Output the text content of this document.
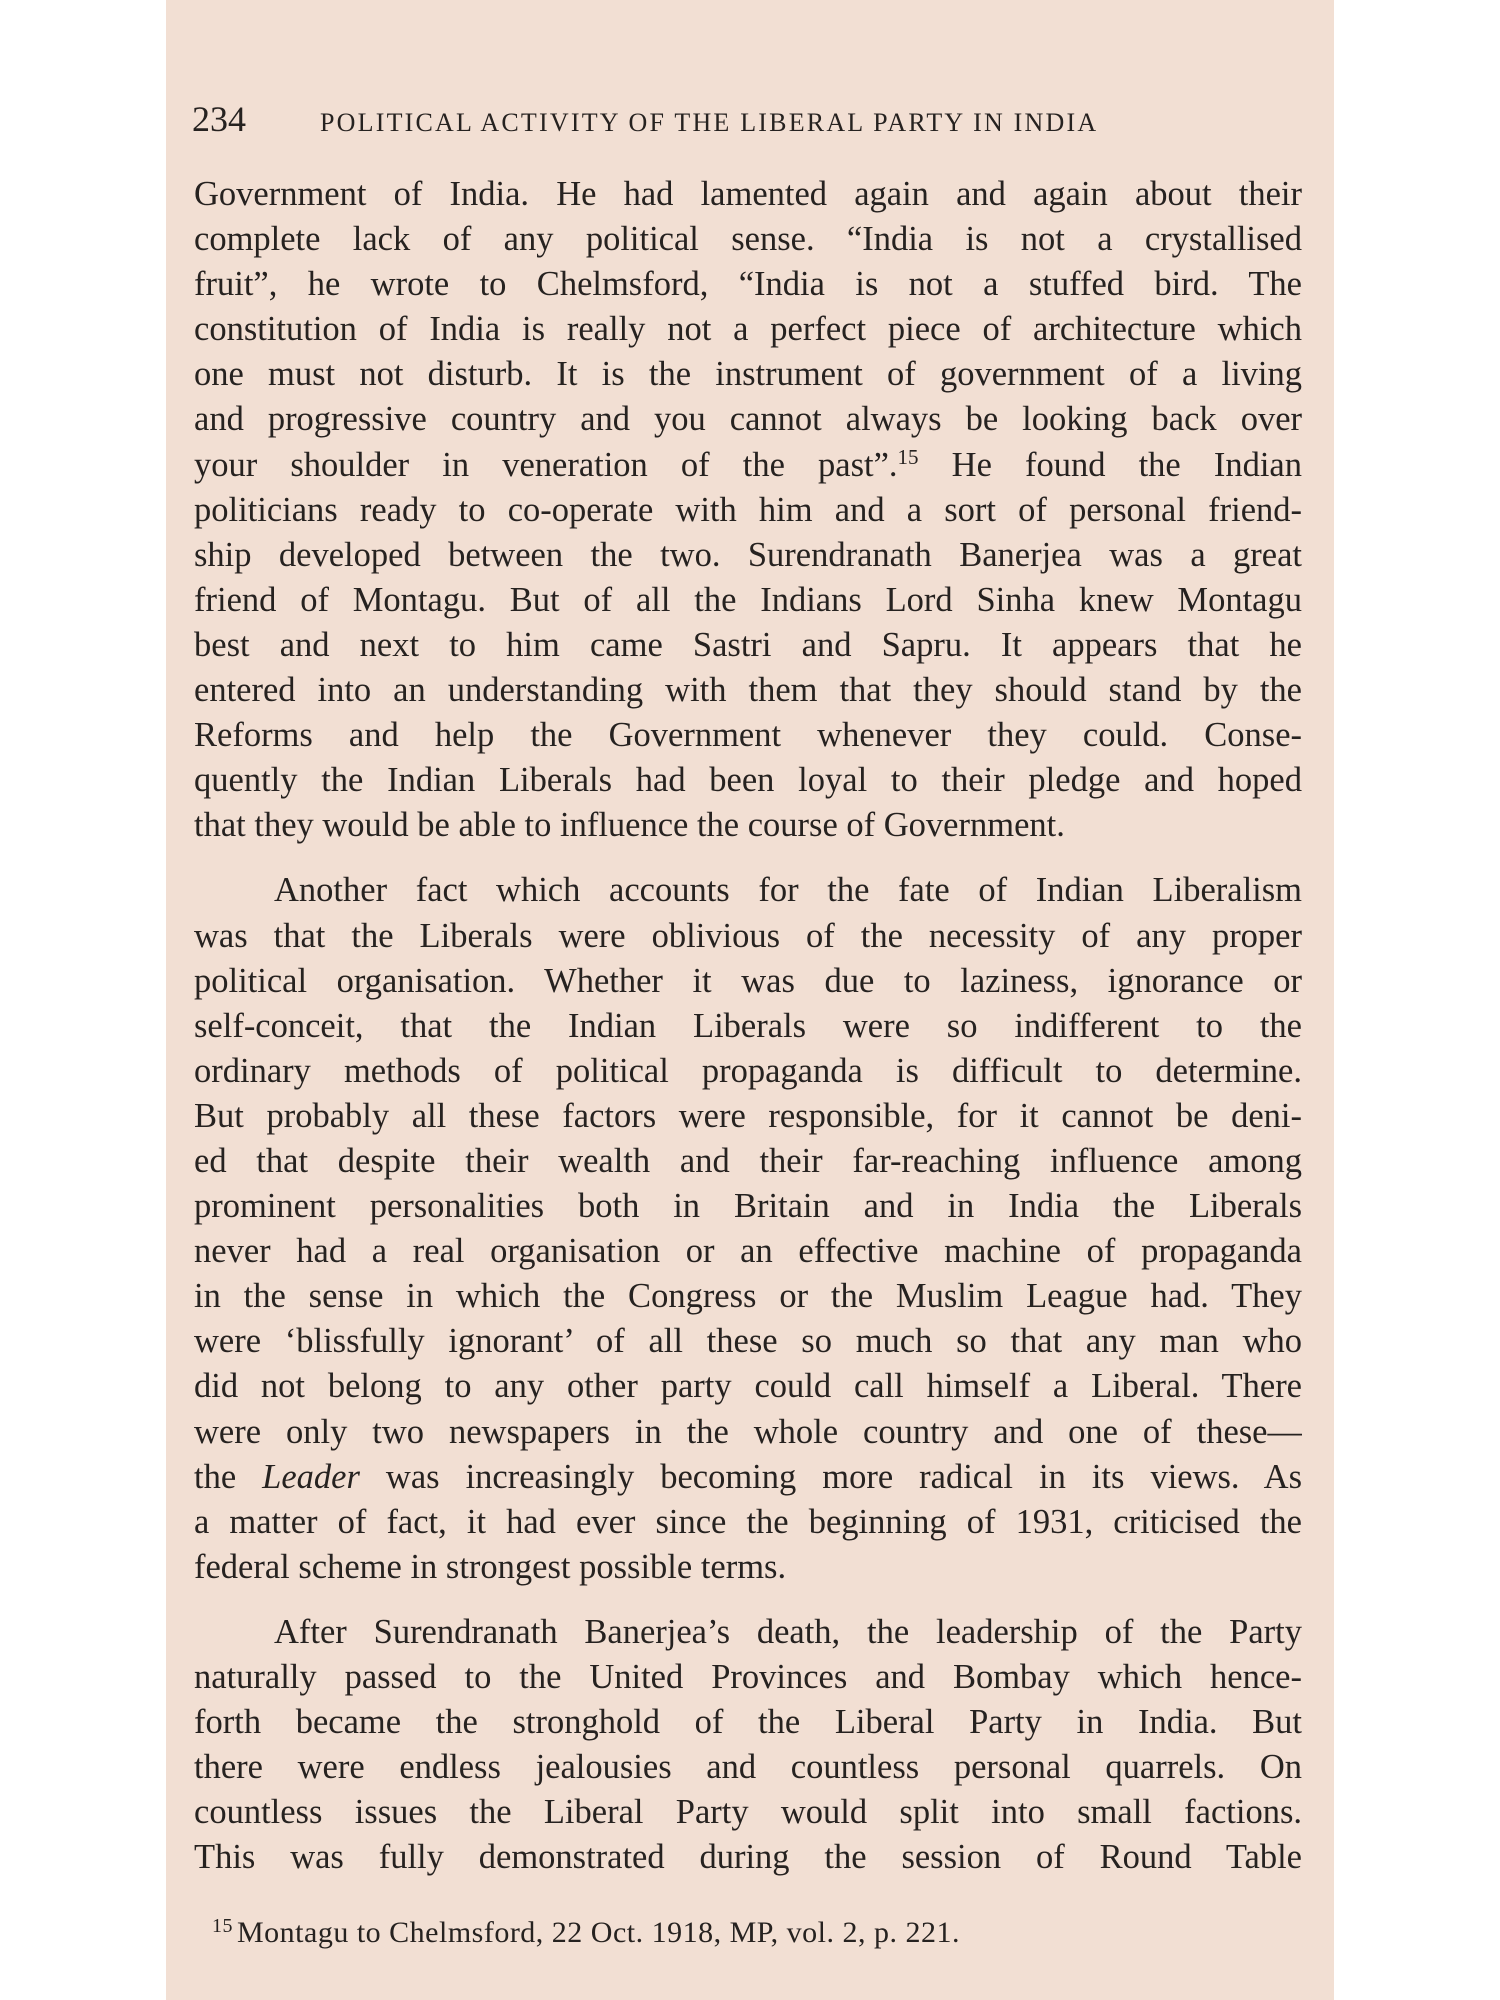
234	POLITICAL ACTIVITY OF THE LIBERAL PARTY IN INDIA
Government of India. He had lamented again and again about their
complete lack of any political sense. “India is not a crystallised
fruit”, he wrote to Chelmsford, “India is not a stuffed bird. The
constitution of India is really not a perfect piece of architecture which
one must not disturb. It is the instrument of government of a living
and progressive country and you cannot always be looking back over
your shoulder in veneration of the past”.$^{15}$ He found the Indian
politicians ready to co-operate with him and a sort of personal friend-
ship developed between the two. Surendranath Banerjea was a great
friend of Montagu. But of all the Indians Lord Sinha knew Montagu
best and next to him came Sastri and Sapru. It appears that he
entered into an understanding with them that they should stand by the
Reforms and help the Government whenever they could. Conse-
quently the Indian Liberals had been loyal to their pledge and hoped
that they would be able to influence the course of Government.
Another fact which accounts for the fate of Indian Liberalism
was that the Liberals were oblivious of the necessity of any proper
political organisation. Whether it was due to laziness, ignorance or
self-conceit, that the Indian Liberals were so indifferent to the
ordinary methods of political propaganda is difficult to determine.
But probably all these factors were responsible, for it cannot be deni-
ed that despite their wealth and their far-reaching influence among
prominent personalities both in Britain and in India the Liberals
never had a real organisation or an effective machine of propaganda
in the sense in which the Congress or the Muslim League had. They
were ‘blissfully ignorant’ of all these so much so that any man who
did not belong to any other party could call himself a Liberal. There
were only two newspapers in the whole country and one of these—
the Leader was increasingly becoming more radical in its views. As
a matter of fact, it had ever since the beginning of 1931, criticised the
federal scheme in strongest possible terms.
After Surendranath Banerjea’s death, the leadership of the Party
naturally passed to the United Provinces and Bombay which hence-
forth became the stronghold of the Liberal Party in India. But
there were endless jealousies and countless personal quarrels. On
countless issues the Liberal Party would split into small factions.
This was fully demonstrated during the session of Round Table
$^{15}$ Montagu to Chelmsford, 22 Oct. 1918, MP, vol. 2, p. 221.
